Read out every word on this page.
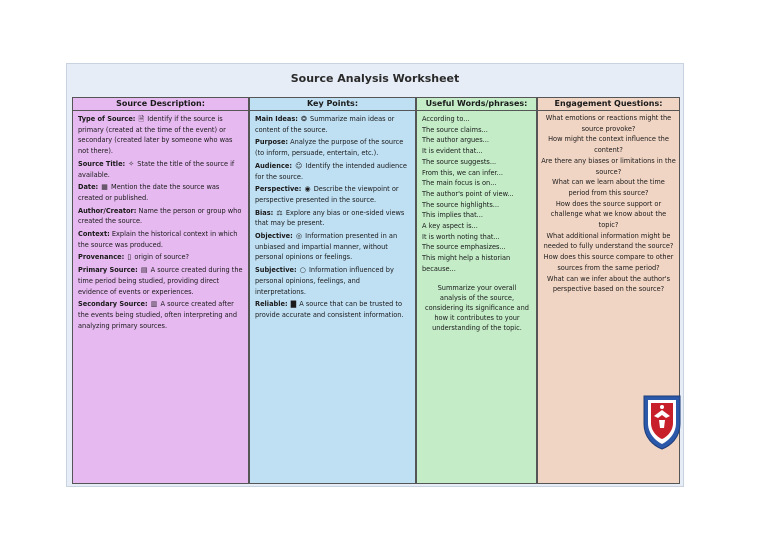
Source Analysis Worksheet
Source Description:
Type of Source: 🗎 Identify if the source is primary (created at the time of the event) or secondary (created later by someone who was not there).
Source Title: ✧ State the title of the source if available.
Date: ▦ Mention the date the source was created or published.
Author/Creator: Name the person or group who created the source.
Context: Explain the historical context in which the source was produced.
Provenance: ▯ origin of source?
Primary Source: ▤ A source created during the time period being studied, providing direct evidence of events or experiences.
Secondary Source: ▥ A source created after the events being studied, often interpreting and analyzing primary sources.
Key Points:
Main Ideas: ❂ Summarize main ideas or content of the source.
Purpose: Analyze the purpose of the source (to inform, persuade, entertain, etc.).
Audience: ☺ Identify the intended audience for the source.
Perspective: ◉ Describe the viewpoint or perspective presented in the source.
Bias: ⚖ Explore any bias or one-sided views that may be present.
Objective: ◎ Information presented in an unbiased and impartial manner, without personal opinions or feelings.
Subjective: ○ Information influenced by personal opinions, feelings, and interpretations.
Reliable: ▇ A source that can be trusted to provide accurate and consistent information.
Useful Words/phrases:
According to...
The source claims...
The author argues...
It is evident that...
The source suggests...
From this, we can infer...
The main focus is on...
The author's point of view...
The source highlights...
This implies that...
A key aspect is...
It is worth noting that...
The source emphasizes...
This might help a historian because...
Summarize your overall analysis of the source, considering its significance and how it contributes to your understanding of the topic.
Engagement Questions:
What emotions or reactions might the source provoke?
How might the context influence the content?
Are there any biases or limitations in the source?
What can we learn about the time period from this source?
How does the source support or challenge what we know about the topic?
What additional information might be needed to fully understand the source?
How does this source compare to other sources from the same period?
What can we infer about the author's perspective based on the source?
